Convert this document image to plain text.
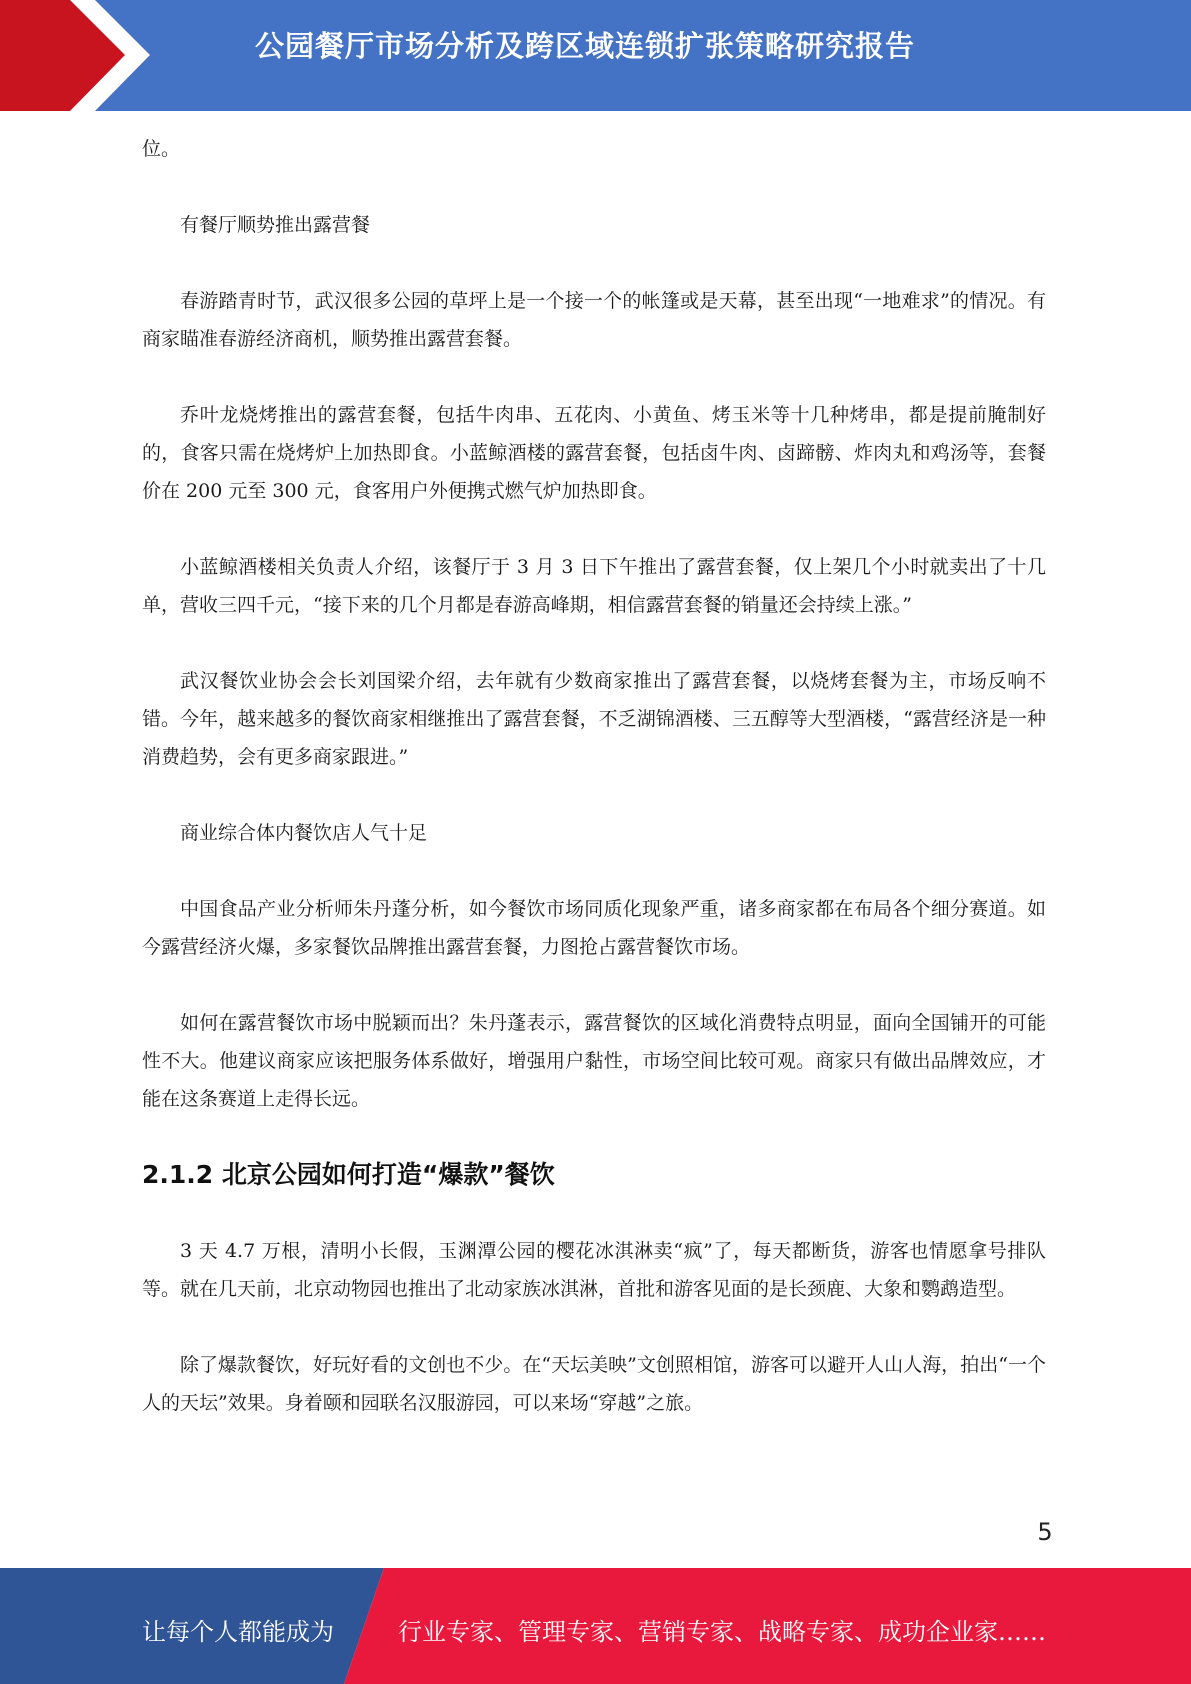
公园餐厅市场分析及跨区域连锁扩张策略研究报告

位。

有餐厅顺势推出露营餐

春游踏青时节，武汉很多公园的草坪上是一个接一个的帐篷或是天幕，甚至出现“一地难求”的情况。有商家瞄准春游经济商机，顺势推出露营套餐。

乔叶龙烧烤推出的露营套餐，包括牛肉串、五花肉、小黄鱼、烤玉米等十几种烤串，都是提前腌制好的，食客只需在烧烤炉上加热即食。小蓝鲸酒楼的露营套餐，包括卤牛肉、卤蹄髈、炸肉丸和鸡汤等，套餐价在 200 元至 300 元，食客用户外便携式燃气炉加热即食。

小蓝鲸酒楼相关负责人介绍，该餐厅于 3 月 3 日下午推出了露营套餐，仅上架几个小时就卖出了十几单，营收三四千元，“接下来的几个月都是春游高峰期，相信露营套餐的销量还会持续上涨。”

武汉餐饮业协会会长刘国梁介绍，去年就有少数商家推出了露营套餐，以烧烤套餐为主，市场反响不错。今年，越来越多的餐饮商家相继推出了露营套餐，不乏湖锦酒楼、三五醇等大型酒楼，“露营经济是一种消费趋势，会有更多商家跟进。”

商业综合体内餐饮店人气十足

中国食品产业分析师朱丹蓬分析，如今餐饮市场同质化现象严重，诸多商家都在布局各个细分赛道。如今露营经济火爆，多家餐饮品牌推出露营套餐，力图抢占露营餐饮市场。

如何在露营餐饮市场中脱颖而出？朱丹蓬表示，露营餐饮的区域化消费特点明显，面向全国铺开的可能性不大。他建议商家应该把服务体系做好，增强用户黏性，市场空间比较可观。商家只有做出品牌效应，才能在这条赛道上走得长远。

2.1.2 北京公园如何打造“爆款”餐饮

3 天 4.7 万根，清明小长假，玉渊潭公园的樱花冰淇淋卖“疯”了，每天都断货，游客也情愿拿号排队等。就在几天前，北京动物园也推出了北动家族冰淇淋，首批和游客见面的是长颈鹿、大象和鹦鹉造型。

除了爆款餐饮，好玩好看的文创也不少。在“天坛美映”文创照相馆，游客可以避开人山人海，拍出“一个人的天坛”效果。身着颐和园联名汉服游园，可以来场“穿越”之旅。

5
让每个人都能成为	行业专家、管理专家、营销专家、战略专家、成功企业家……
